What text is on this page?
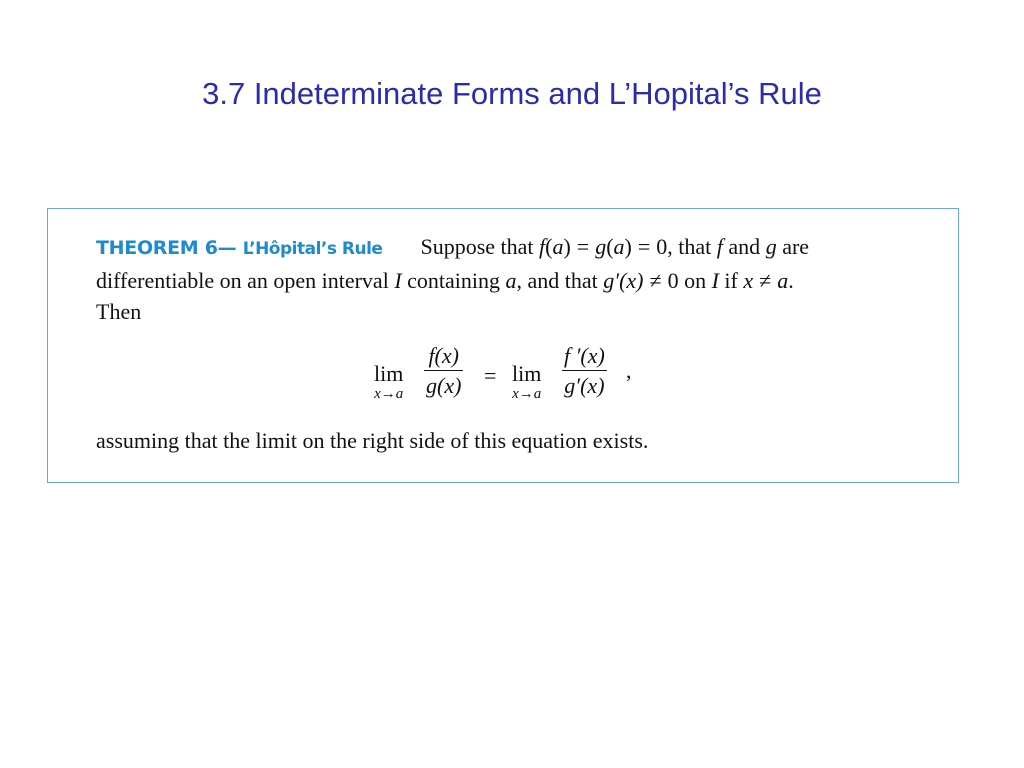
3.7 Indeterminate Forms and L’Hopital’s Rule
THEOREM 6— L’Hôpital’s Rule Suppose that f(a) = g(a) = 0, that f and g are differentiable on an open interval I containing a, and that g′(x) ≠ 0 on I if x ≠ a.
Then
lim
x→a
f(x)
g(x) = lim
x→a
f ′(x)
g′(x)
,
assuming that the limit on the right side of this equation exists.
